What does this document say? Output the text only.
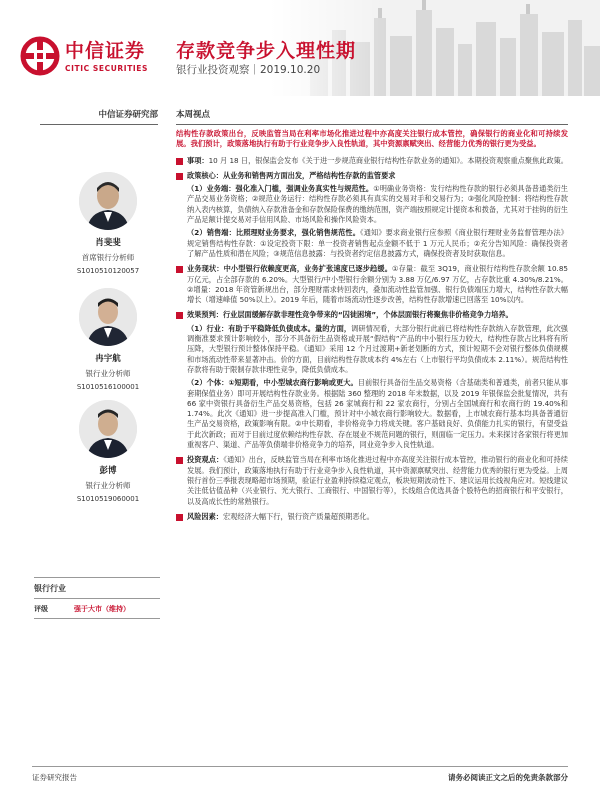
中信证券
CITIC SECURITIES
存款竞争步入理性期
银行业投资观察｜2019.10.20
中信证券研究部
肖斐斐
首席银行分析师
S1010510120057
冉宇航
银行业分析师
S1010516100001
彭博
银行业分析师
S1010519060001
银行行业
评级	强于大市（维持）
本周视点
结构性存款政策出台，反映监管当局在利率市场化推进过程中亦高度关注银行成本管控，确保银行的商业化和可持续发展。我们预计，政策落地执行有助于行业竞争步入良性轨道，其中资源禀赋突出、经营能力优秀的银行更为受益。
事项：10 月 18 日，银保监会发布《关于进一步规范商业银行结构性存款业务的通知》。本期投资观察重点聚焦此政策。
政策核心：从业务和销售两方面出发，严格结构性存款的监管要求
（1）业务端：强化准入门槛，强调业务真实性与规范性。①明确业务资格：发行结构性存款的银行必须具备普通类衍生产品交易业务资格；②规范业务运行：结构性存款必须具有真实的交易对手和交易行为；③强化风险控制：将结构性存款纳入表内核算，负债纳入存款准备金和存款保险保费的缴纳范围，资产端按照规定计提资本和拨备，尤其对于挂钩的衍生产品足额计提交易对手信用风险、市场风险和操作风险资本。
（2）销售端：比照理财业务要求，强化销售规范性。《通知》要求商业银行应参照《商业银行理财业务监督管理办法》规定销售结构性存款：①设定投资下限：单一投资者销售起点金额不低于 1 万元人民币；②充分告知风险：确保投资者了解产品性质和潜在风险；③规范信息披露：与投资者约定信息披露方式，确保投资者及时获取信息。
业务现状：中小型银行依赖度更高，业务扩张速度已逐步趋缓。①存量：截至 3Q19，商业银行结构性存款余额 10.85 万亿元，占全部存款的 6.20%。大型银行/中小型银行余额分别为 3.88 万亿/6.97 万亿，占存款比重 4.30%/8.21%。②增量：2018 年资管新规出台，部分理财需求转回表内，叠加流动性监管加强、银行负债端压力增大，结构性存款大幅增长（增速峰值 50%以上）。2019 年后，随着市场流动性逐步改善，结构性存款增速已回落至 10%以内。
效果预判：行业层面缓解存款非理性竞争带来的“囚徒困境”，个体层面银行将聚焦非价格竞争力培养。
（1）行业：有助于平稳降低负债成本。量的方面，调研情况看，大部分银行此前已将结构性存款纳入存款管理，此次强调衡准要求预计影响较小，部分不具备衍生品资格或开展“假结构”产品的中小银行压力较大，结构性存款占比料将有所压降，大型银行预计整体保持平稳。《通知》采用 12 个月过渡期+新老划断的方式，预计短期不会对银行整体负债规模和市场流动性带来显著冲击。价的方面，目前结构性存款成本约 4%左右（上市银行平均负债成本 2.11%）。规范结构性存款将有助于限制存款非理性竞争，降低负债成本。
（2）个体：①短期看，中小型城农商行影响或更大。目前银行具备衍生品交易资格（含基础类和普通类，前者只能从事套期保值业务）即可开展结构性存款业务。根据陆 360 整理的 2018 年末数据，以及 2019 年银保监会批复情况，共有 66 家中资银行具备衍生产品交易资格，包括 26 家城商行和 22 家农商行，分别占全国城商行和农商行的 19.40%和 1.74%。此次《通知》进一步提高准入门槛，预计对中小城农商行影响较大。数据看，上市城农商行基本均具备普通衍生产品交易资格，政策影响有限。②中长期看，非价格竞争力将成关键。客户基础良好、负债能力扎实的银行，有望受益于此次新政；而对于目前过度依赖结构性存款、存在展业不规范问题的银行，则面临一定压力。未来探讨各家银行将更加重视客户、渠道、产品等负债端非价格竞争力的培养，同业竞争步入良性轨道。
投资观点：《通知》出台，反映监管当局在利率市场化推进过程中亦高度关注银行成本管控，推动银行的商业化和可持续发展。我们预计，政策落地执行有助于行业竞争步入良性轨道，其中资源禀赋突出、经营能力优秀的银行更为受益。上周银行首份三季报表现略超市场预期，验证行业盈利持续稳定观点，板块短期波动性下、建议运用长线视角应对。短线建议关注低估值品种（兴业银行、光大银行、工商银行、中国银行等），长线组合优选具备个股特色的招商银行和平安银行，以及高成长性的常熟银行。
风险因素：宏观经济大幅下行，银行资产质量超预期恶化。
证券研究报告	请务必阅读正文之后的免责条款部分
